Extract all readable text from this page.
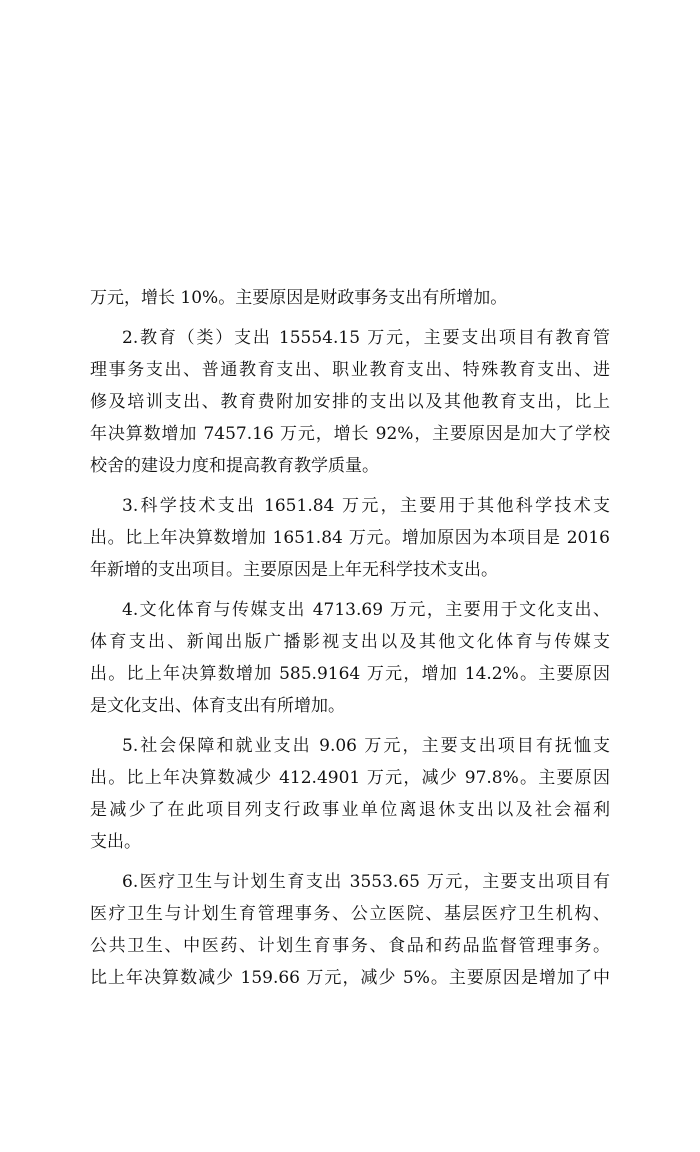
万元，增长 10%。主要原因是财政事务支出有所增加。
2.教育（类）支出 15554.15 万元，主要支出项目有教育管
理事务支出、普通教育支出、职业教育支出、特殊教育支出、进
修及培训支出、教育费附加安排的支出以及其他教育支出，比上
年决算数增加 7457.16 万元，增长 92%，主要原因是加大了学校
校舍的建设力度和提高教育教学质量。
3.科学技术支出 1651.84 万元，主要用于其他科学技术支
出。比上年决算数增加 1651.84 万元。增加原因为本项目是 2016
年新增的支出项目。主要原因是上年无科学技术支出。
4.文化体育与传媒支出 4713.69 万元，主要用于文化支出、
体育支出、新闻出版广播影视支出以及其他文化体育与传媒支
出。比上年决算数增加 585.9164 万元，增加 14.2%。主要原因
是文化支出、体育支出有所增加。
5.社会保障和就业支出 9.06 万元，主要支出项目有抚恤支
出。比上年决算数减少 412.4901 万元，减少 97.8%。主要原因
是减少了在此项目列支行政事业单位离退休支出以及社会福利
支出。
6.医疗卫生与计划生育支出 3553.65 万元，主要支出项目有
医疗卫生与计划生育管理事务、公立医院、基层医疗卫生机构、
公共卫生、中医药、计划生育事务、食品和药品监督管理事务。
比上年决算数减少 159.66 万元，减少 5%。主要原因是增加了中
